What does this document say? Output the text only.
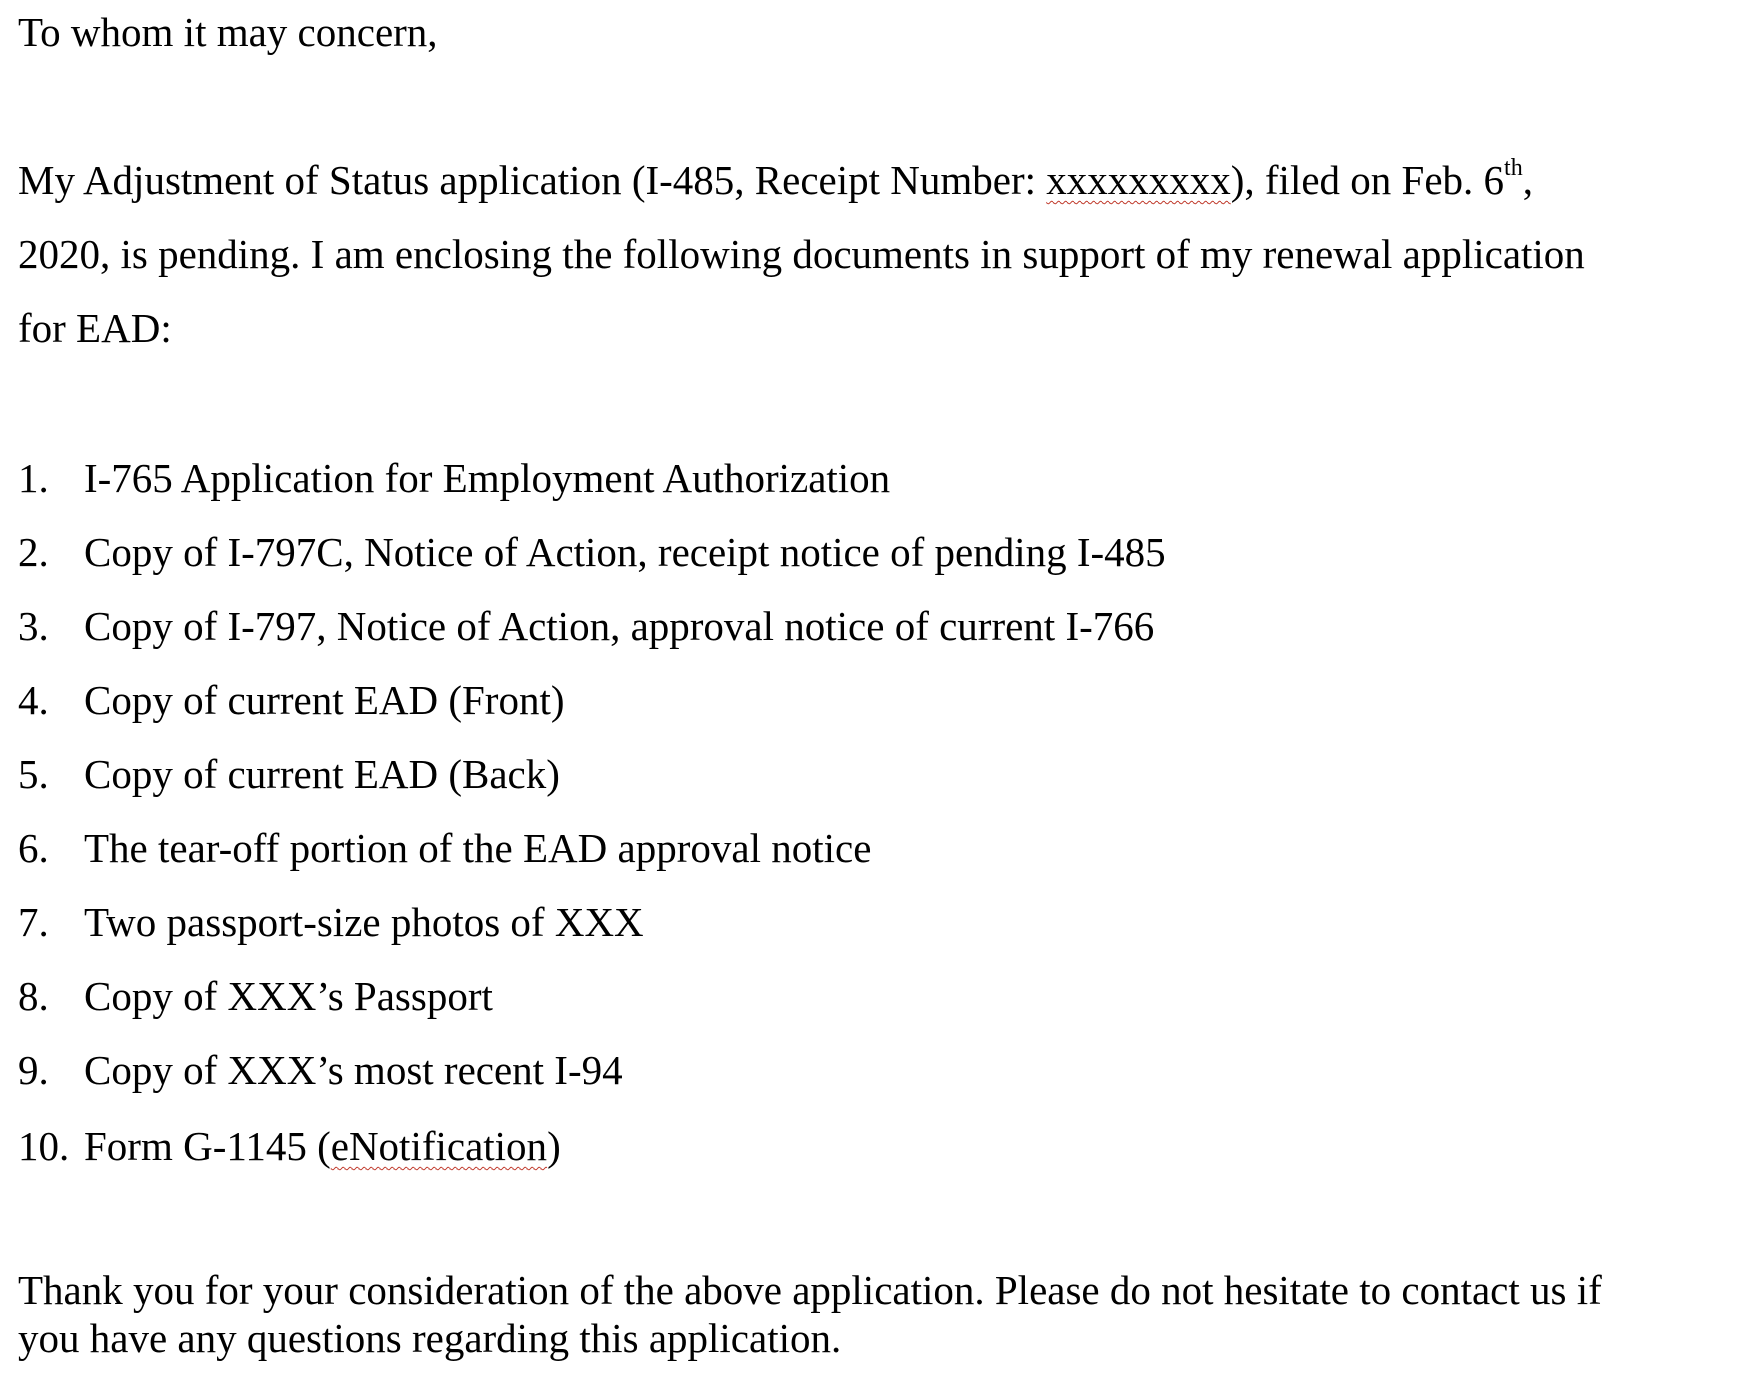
To whom it may concern,
My Adjustment of Status application (I-485, Receipt Number: xxxxxxxxx), filed on Feb. 6th,
2020, is pending. I am enclosing the following documents in support of my renewal application
for EAD:
1. I-765 Application for Employment Authorization
2. Copy of I-797C, Notice of Action, receipt notice of pending I-485
3. Copy of I-797, Notice of Action, approval notice of current I-766
4. Copy of current EAD (Front)
5. Copy of current EAD (Back)
6. The tear-off portion of the EAD approval notice
7. Two passport-size photos of XXX
8. Copy of XXX’s Passport
9. Copy of XXX’s most recent I-94
10. Form G-1145 (eNotification)
Thank you for your consideration of the above application. Please do not hesitate to contact us if
you have any questions regarding this application.
